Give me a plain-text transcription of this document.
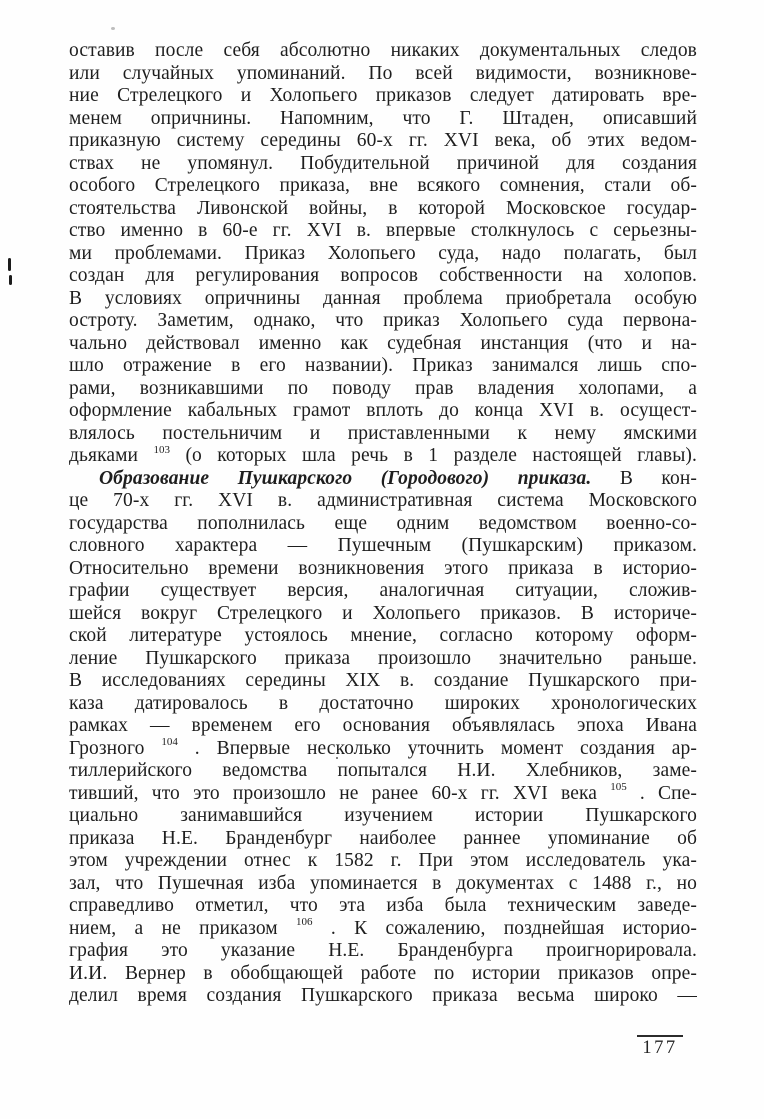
оставив после себя абсолютно никаких документальных следов
или случайных упоминаний. По всей видимости, возникнове-
ние Стрелецкого и Холопьего приказов следует датировать вре-
менем опричнины. Напомним, что Г. Штаден, описавший
приказную систему середины 60-х гг. XVI века, об этих ведом-
ствах не упомянул. Побудительной причиной для создания
особого Стрелецкого приказа, вне всякого сомнения, стали об-
стоятельства Ливонской войны, в которой Московское государ-
ство именно в 60-е гг. XVI в. впервые столкнулось с серьезны-
ми проблемами. Приказ Холопьего суда, надо полагать, был
создан для регулирования вопросов собственности на холопов.
В условиях опричнины данная проблема приобретала особую
остроту. Заметим, однако, что приказ Холопьего суда первона-
чально действовал именно как судебная инстанция (что и на-
шло отражение в его названии). Приказ занимался лишь спо-
рами, возникавшими по поводу прав владения холопами, а
оформление кабальных грамот вплоть до конца XVI в. осущест-
влялось постельничим и приставленными к нему ямскими
дьяками $^{103}$ (о которых шла речь в 1 разделе настоящей главы).
Образование Пушкарского (Городового) приказа. В кон-
це 70-х гг. XVI в. административная система Московского
государства пополнилась еще одним ведомством военно-со-
словного характера — Пушечным (Пушкарским) приказом.
Относительно времени возникновения этого приказа в историо-
графии существует версия, аналогичная ситуации, сложив-
шейся вокруг Стрелецкого и Холопьего приказов. В историче-
ской литературе устоялось мнение, согласно которому оформ-
ление Пушкарского приказа произошло значительно раньше.
В исследованиях середины XIX в. создание Пушкарского при-
каза датировалось в достаточно широких хронологических
рамках — временем его основания объявлялась эпоха Ивана
Грозного $^{104}$ . Впервые несколько уточнить момент создания ар-
тиллерийского ведомства попытался Н.И. Хлебников, заме-
тивший, что это произошло не ранее 60-х гг. XVI века $^{105}$ . Спе-
циально занимавшийся изучением истории Пушкарского
приказа Н.Е. Бранденбург наиболее раннее упоминание об
этом учреждении отнес к 1582 г. При этом исследователь ука-
зал, что Пушечная изба упоминается в документах с 1488 г., но
справедливо отметил, что эта изба была техническим заведе-
нием, а не приказом $^{106}$ . К сожалению, позднейшая историо-
графия это указание Н.Е. Бранденбурга проигнорировала.
И.И. Вернер в обобщающей работе по истории приказов опре-
делил время создания Пушкарского приказа весьма широко —
177
